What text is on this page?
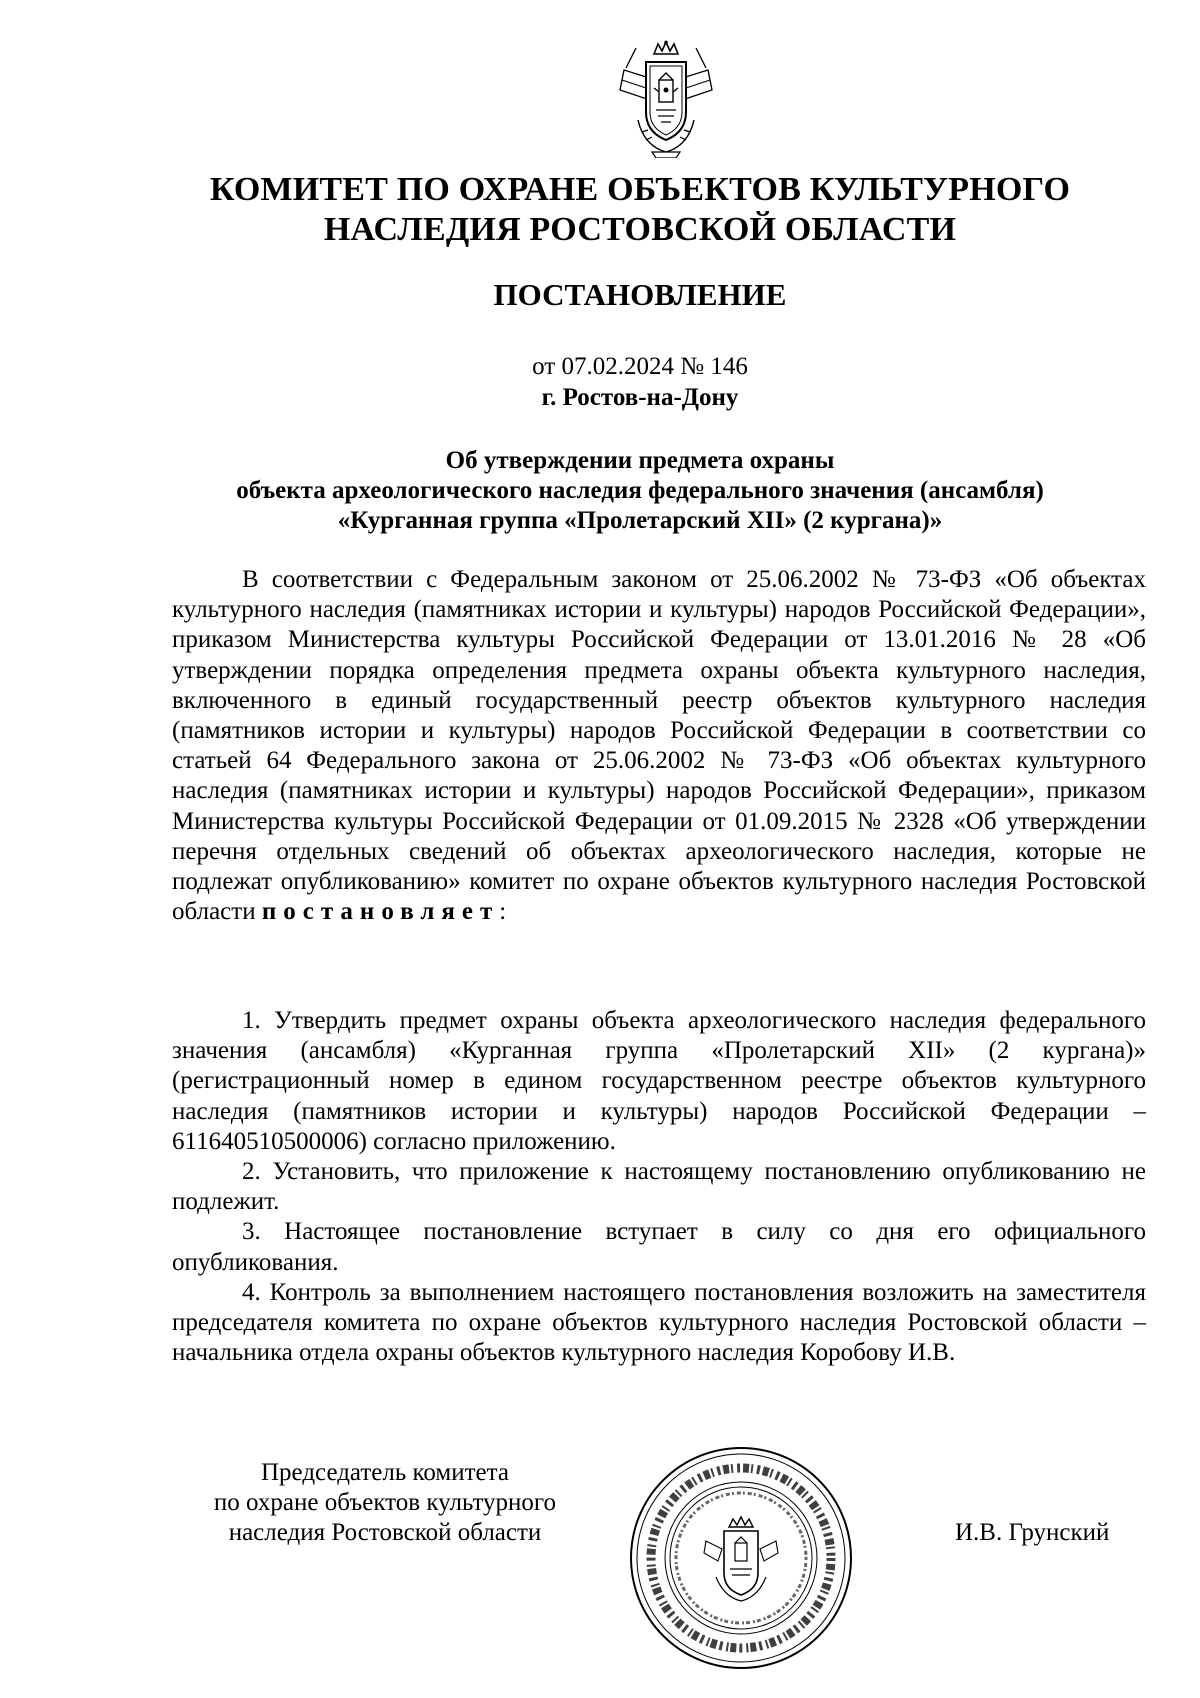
КОМИТЕТ ПО ОХРАНЕ ОБЪЕКТОВ КУЛЬТУРНОГО
НАСЛЕДИЯ РОСТОВСКОЙ ОБЛАСТИ
ПОСТАНОВЛЕНИЕ
от 07.02.2024 № 146
г. Ростов-на-Дону
Об утверждении предмета охраны
объекта археологического наследия федерального значения (ансамбля)
«Курганная группа «Пролетарский XII» (2 кургана)»

В соответствии с Федеральным законом от 25.06.2002 № 73-ФЗ «Об объектах культурного наследия (памятниках истории и культуры) народов Российской Федерации», приказом Министерства культуры Российской Федерации от 13.01.2016 № 28 «Об утверждении порядка определения предмета охраны объекта культурного наследия, включенного в единый государственный реестр объектов культурного наследия (памятников истории и культуры) народов Российской Федерации в соответствии со статьей 64 Федерального закона от 25.06.2002 № 73-ФЗ «Об объектах культурного наследия (памятниках истории и культуры) народов Российской Федерации», приказом Министерства культуры Российской Федерации от 01.09.2015 № 2328 «Об утверждении перечня отдельных сведений об объектах археологического наследия, которые не подлежат опубликованию» комитет по охране объектов культурного наследия Ростовской области постановляет:

1. Утвердить предмет охраны объекта археологического наследия федерального значения (ансамбля) «Курганная группа «Пролетарский XII» (2 кургана)» (регистрационный номер в едином государственном реестре объектов культурного наследия (памятников истории и культуры) народов Российской Федерации – 611640510500006) согласно приложению.

2. Установить, что приложение к настоящему постановлению опубликованию не подлежит.

3. Настоящее постановление вступает в силу со дня его официального опубликования.

4. Контроль за выполнением настоящего постановления возложить на заместителя председателя комитета по охране объектов культурного наследия Ростовской области – начальника отдела охраны объектов культурного наследия Коробову И.В.

Председатель комитета
по охране объектов культурного
наследия Ростовской области	И.В. Грунский
